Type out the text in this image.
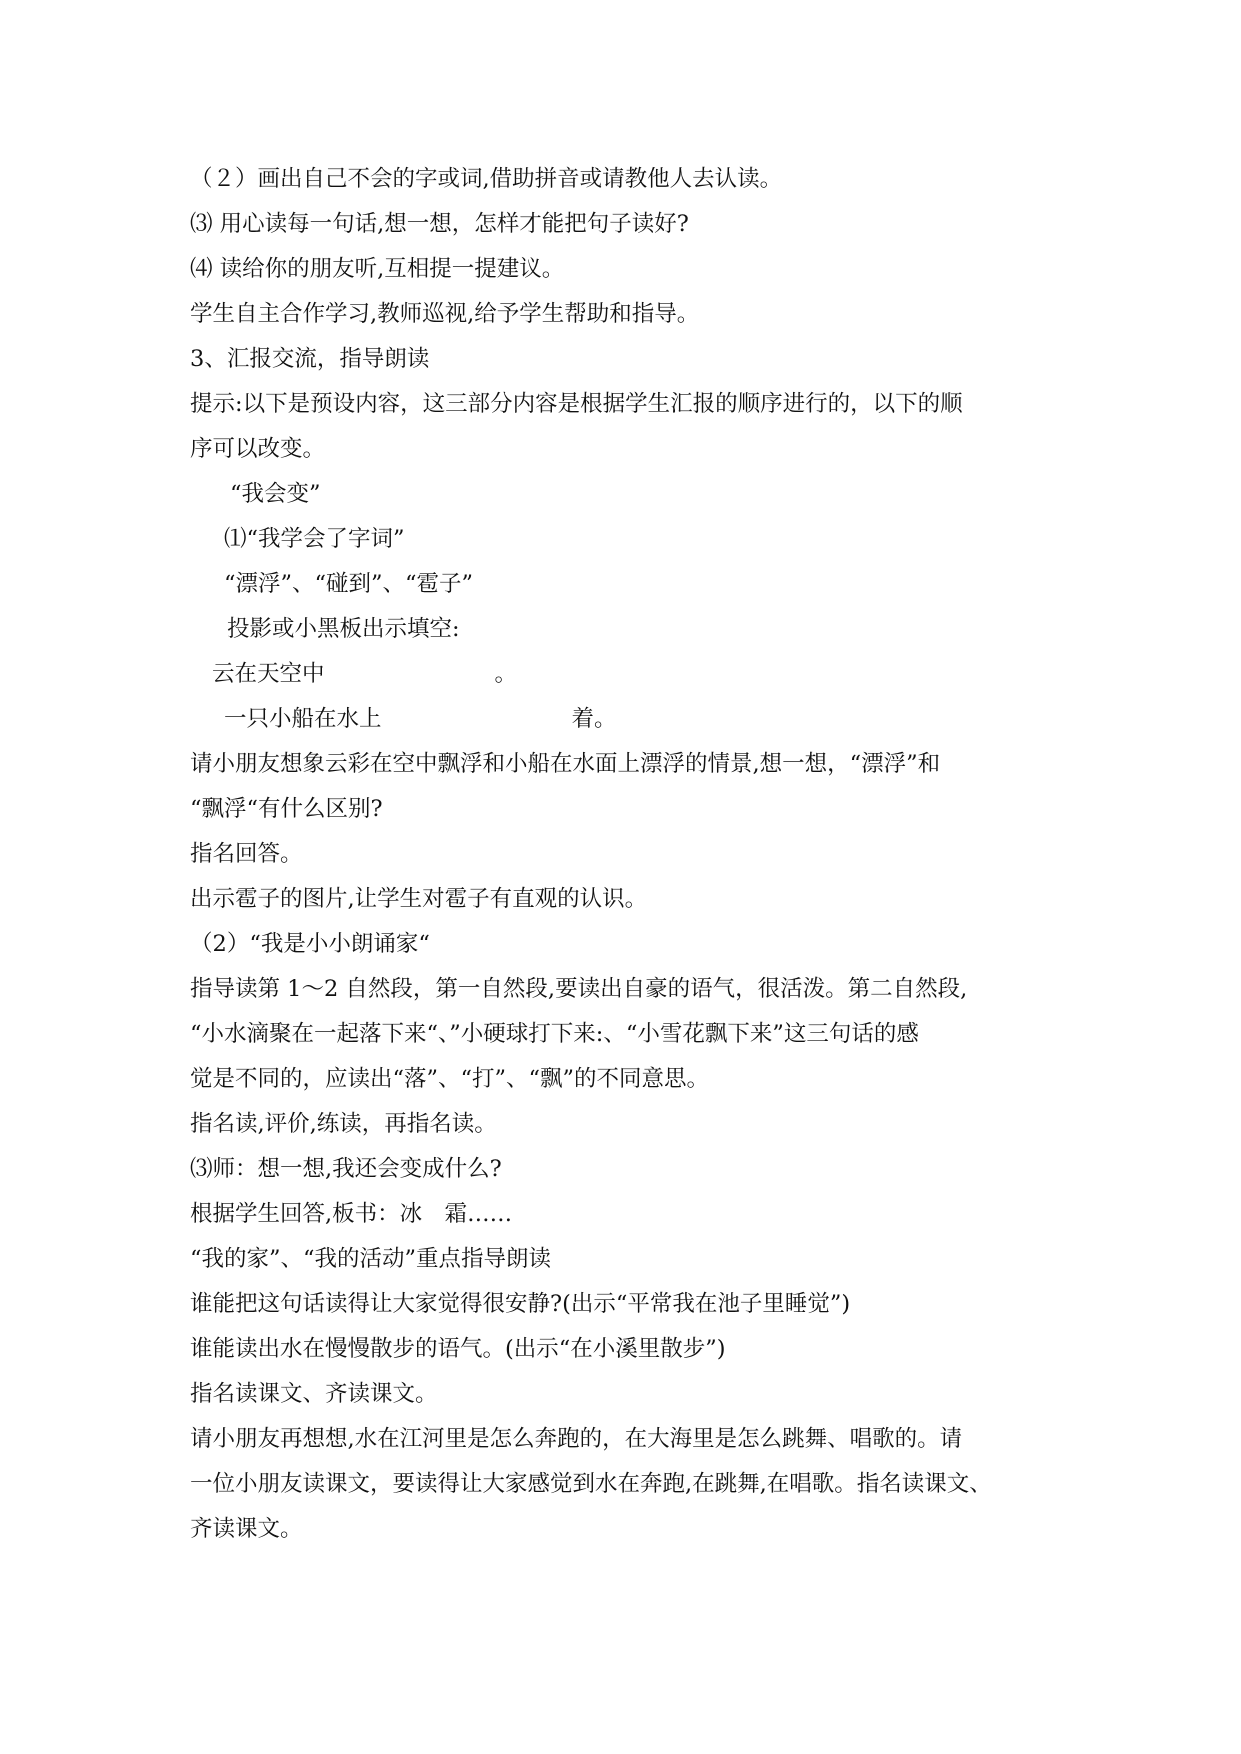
（２）画出自己不会的字或词,借助拼音或请教他人去认读。
⑶ 用心读每一句话,想一想，怎样才能把句子读好?
⑷ 读给你的朋友听,互相提一提建议。
学生自主合作学习,教师巡视,给予学生帮助和指导。
3、汇报交流，指导朗读
提示:以下是预设内容，这三部分内容是根据学生汇报的顺序进行的，以下的顺
序可以改变。
“我会变”
⑴“我学会了字词”
“漂浮”、“碰到”、“雹子”
投影或小黑板出示填空:
云在天空中	。
一只小船在水上	着。
请小朋友想象云彩在空中飘浮和小船在水面上漂浮的情景,想一想，“漂浮”和
“飘浮“有什么区别?
指名回答。
出示雹子的图片,让学生对雹子有直观的认识。
（2）“我是小小朗诵家“
指导读第 1～2 自然段，第一自然段,要读出自豪的语气，很活泼。第二自然段,
“小水滴聚在一起落下来“、”小硬球打下来:、“小雪花飘下来”这三句话的感
觉是不同的，应读出“落”、“打”、“飘”的不同意思。
指名读,评价,练读，再指名读。
⑶师：想一想,我还会变成什么?
根据学生回答,板书：冰　霜……
“我的家”、“我的活动”重点指导朗读
谁能把这句话读得让大家觉得很安静?(出示“平常我在池子里睡觉”)
谁能读出水在慢慢散步的语气。(出示“在小溪里散步”)
指名读课文、齐读课文。
请小朋友再想想,水在江河里是怎么奔跑的，在大海里是怎么跳舞、唱歌的。请
一位小朋友读课文，要读得让大家感觉到水在奔跑,在跳舞,在唱歌。指名读课文、
齐读课文。
